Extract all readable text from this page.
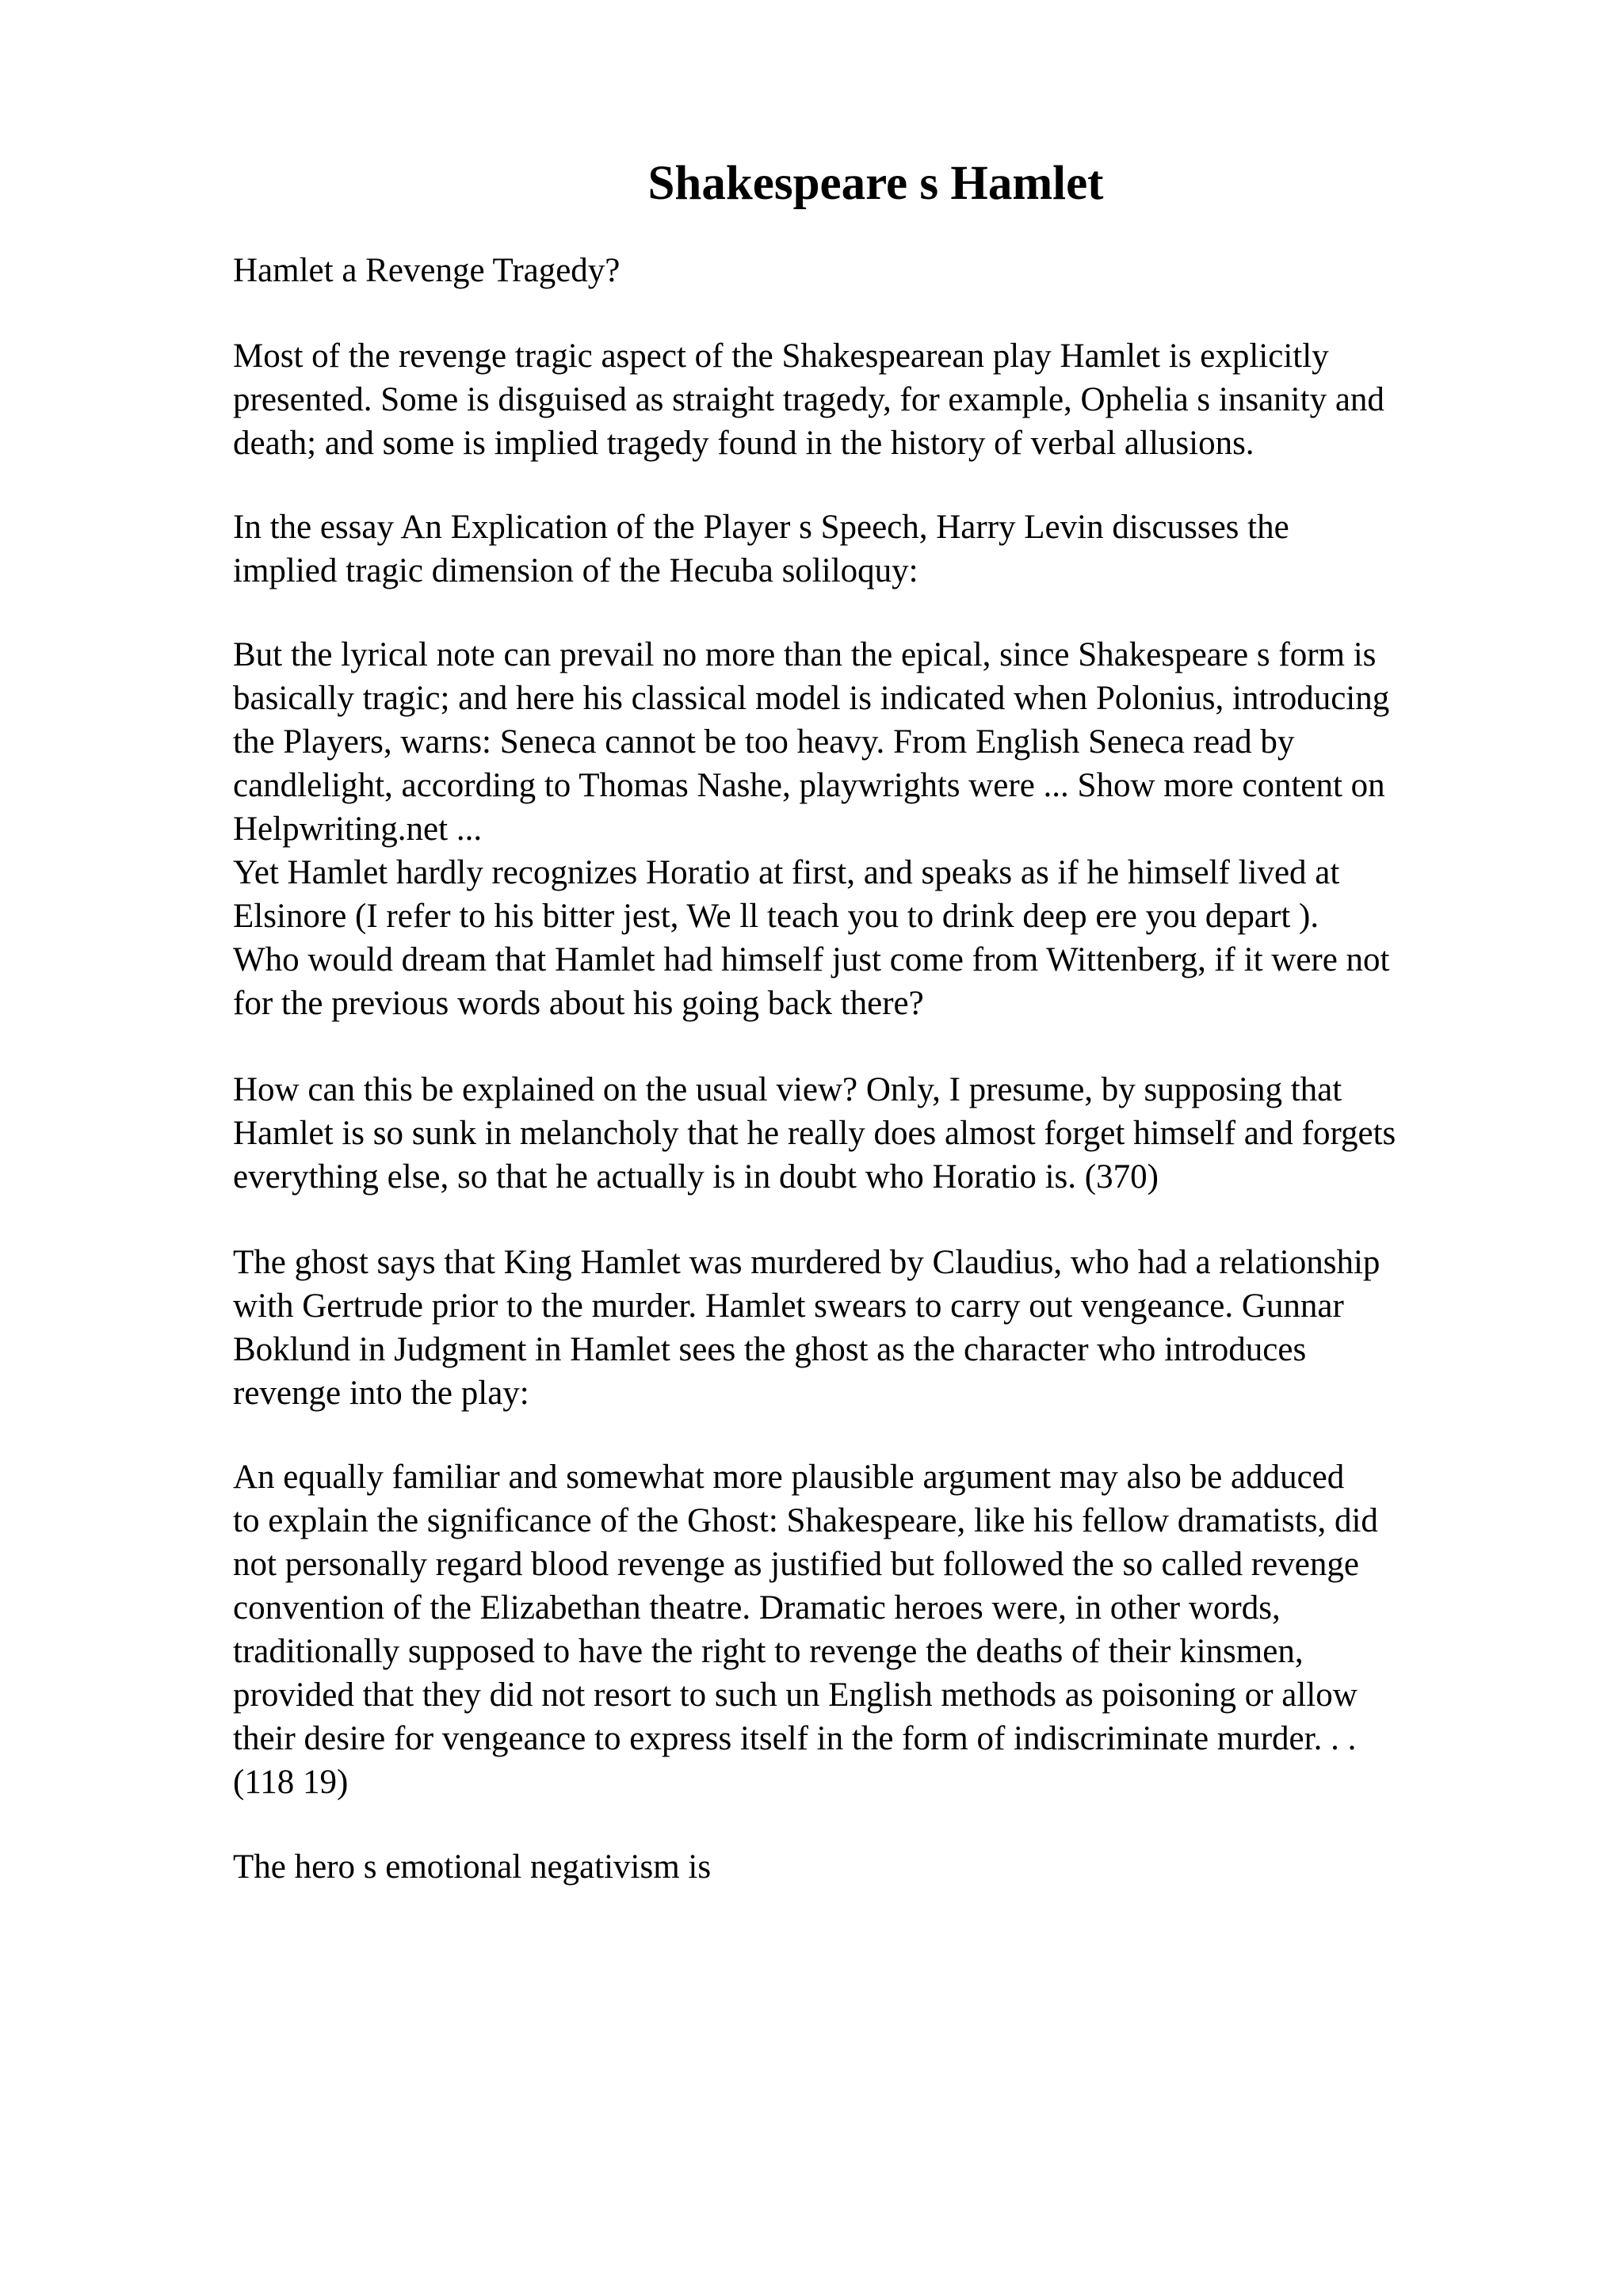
Shakespeare s Hamlet

Hamlet a Revenge Tragedy?

Most of the revenge tragic aspect of the Shakespearean play Hamlet is explicitly

presented. Some is disguised as straight tragedy, for example, Ophelia s insanity and

death; and some is implied tragedy found in the history of verbal allusions.

In the essay An Explication of the Player s Speech, Harry Levin discusses the

implied tragic dimension of the Hecuba soliloquy:

But the lyrical note can prevail no more than the epical, since Shakespeare s form is

basically tragic; and here his classical model is indicated when Polonius, introducing

the Players, warns: Seneca cannot be too heavy. From English Seneca read by

candlelight, according to Thomas Nashe, playwrights were ... Show more content on

Helpwriting.net ...

Yet Hamlet hardly recognizes Horatio at first, and speaks as if he himself lived at

Elsinore (I refer to his bitter jest, We ll teach you to drink deep ere you depart ).

Who would dream that Hamlet had himself just come from Wittenberg, if it were not

for the previous words about his going back there?

How can this be explained on the usual view? Only, I presume, by supposing that

Hamlet is so sunk in melancholy that he really does almost forget himself and forgets

everything else, so that he actually is in doubt who Horatio is. (370)

The ghost says that King Hamlet was murdered by Claudius, who had a relationship

with Gertrude prior to the murder. Hamlet swears to carry out vengeance. Gunnar

Boklund in Judgment in Hamlet sees the ghost as the character who introduces

revenge into the play:

An equally familiar and somewhat more plausible argument may also be adduced

to explain the significance of the Ghost: Shakespeare, like his fellow dramatists, did

not personally regard blood revenge as justified but followed the so called revenge

convention of the Elizabethan theatre. Dramatic heroes were, in other words,

traditionally supposed to have the right to revenge the deaths of their kinsmen,

provided that they did not resort to such un English methods as poisoning or allow

their desire for vengeance to express itself in the form of indiscriminate murder. . .

(118 19)

The hero s emotional negativism is
